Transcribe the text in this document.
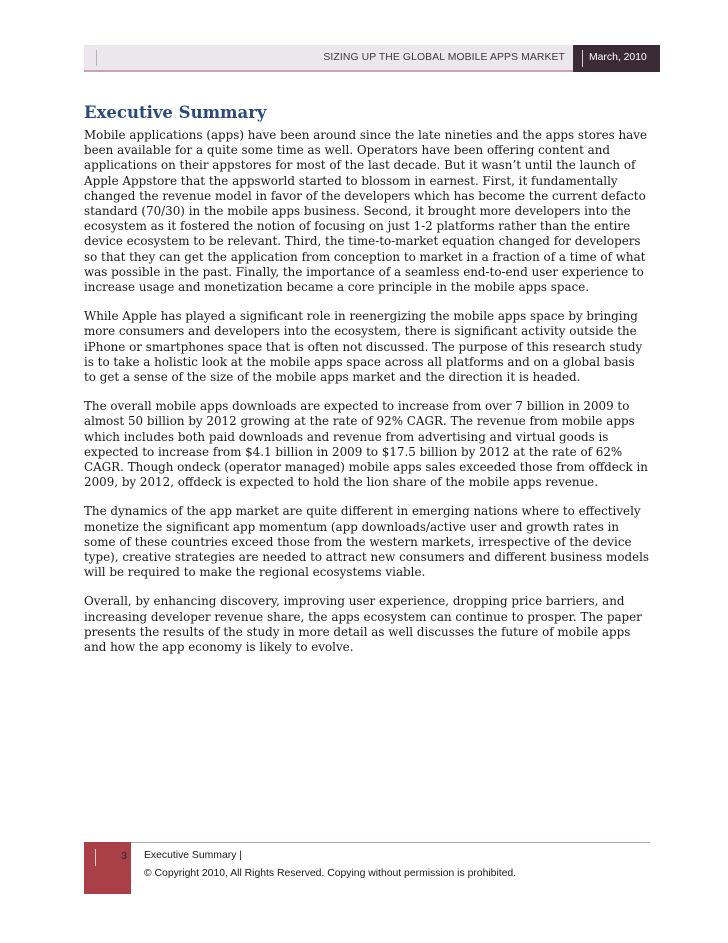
SIZING UP THE GLOBAL MOBILE APPS MARKET March, 2010
Executive Summary

Mobile applications (apps) have been around since the late nineties and the apps stores have been available for a quite some time as well. Operators have been offering content and applications on their appstores for most of the last decade. But it wasn’t until the launch of Apple Appstore that the appsworld started to blossom in earnest. First, it fundamentally changed the revenue model in favor of the developers which has become the current defacto standard (70/30) in the mobile apps business. Second, it brought more developers into the ecosystem as it fostered the notion of focusing on just 1-2 platforms rather than the entire device ecosystem to be relevant. Third, the time-to-market equation changed for developers so that they can get the application from conception to market in a fraction of a time of what was possible in the past. Finally, the importance of a seamless end-to-end user experience to increase usage and monetization became a core principle in the mobile apps space.

While Apple has played a significant role in reenergizing the mobile apps space by bringing more consumers and developers into the ecosystem, there is significant activity outside the iPhone or smartphones space that is often not discussed. The purpose of this research study is to take a holistic look at the mobile apps space across all platforms and on a global basis to get a sense of the size of the mobile apps market and the direction it is headed.

The overall mobile apps downloads are expected to increase from over 7 billion in 2009 to almost 50 billion by 2012 growing at the rate of 92% CAGR. The revenue from mobile apps which includes both paid downloads and revenue from advertising and virtual goods is expected to increase from $4.1 billion in 2009 to $17.5 billion by 2012 at the rate of 62% CAGR. Though ondeck (operator managed) mobile apps sales exceeded those from offdeck in 2009, by 2012, offdeck is expected to hold the lion share of the mobile apps revenue.

The dynamics of the app market are quite different in emerging nations where to effectively monetize the significant app momentum (app downloads/active user and growth rates in some of these countries exceed those from the western markets, irrespective of the device type), creative strategies are needed to attract new consumers and different business models will be required to make the regional ecosystems viable.

Overall, by enhancing discovery, improving user experience, dropping price barriers, and increasing developer revenue share, the apps ecosystem can continue to prosper. The paper presents the results of the study in more detail as well discusses the future of mobile apps and how the app economy is likely to evolve.

3 Executive Summary |
© Copyright 2010, All Rights Reserved. Copying without permission is prohibited.
